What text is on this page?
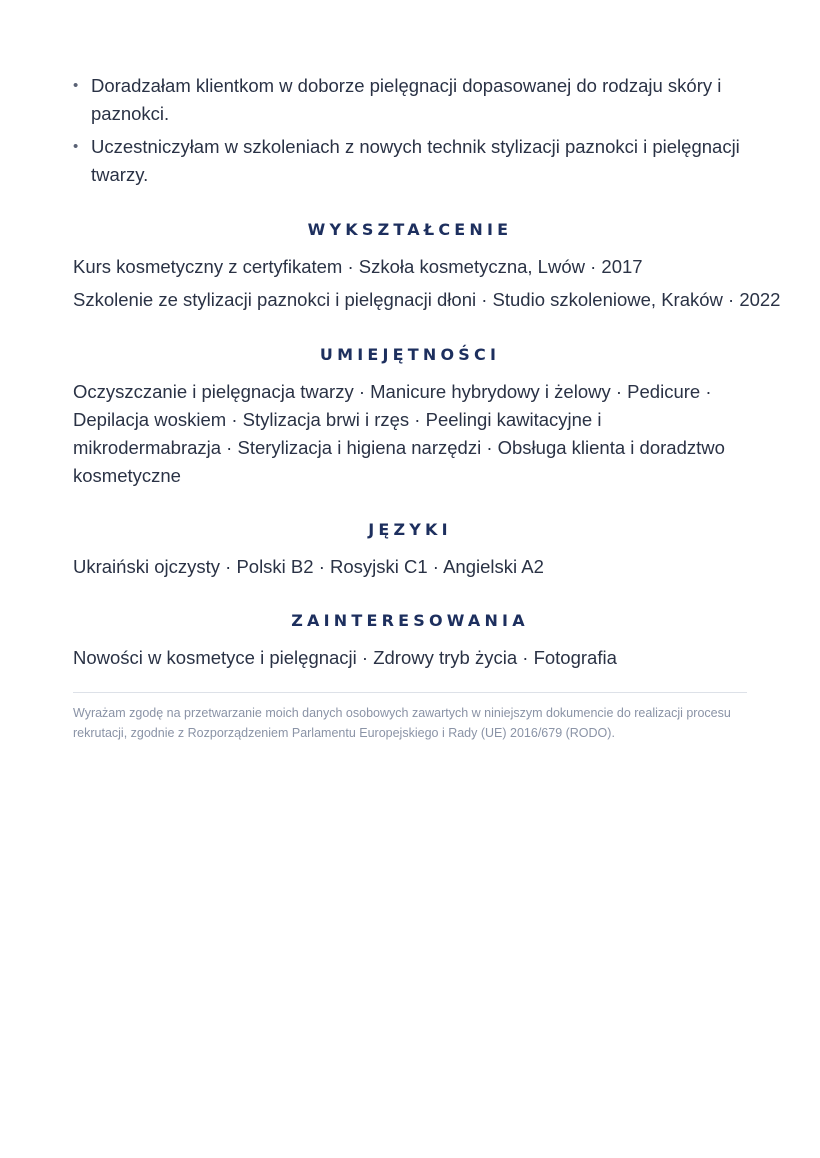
• Doradzałam klientkom w doborze pielęgnacji dopasowanej do rodzaju skóry i paznokci.
• Uczestniczyłam w szkoleniach z nowych technik stylizacji paznokci i pielęgnacji twarzy.
WYKSZTAŁCENIE

Kurs kosmetyczny z certyfikatem · Szkoła kosmetyczna, Lwów · 2017

Szkolenie ze stylizacji paznokci i pielęgnacji dłoni · Studio szkoleniowe, Kraków · 2022

UMIEJĘTNOŚCI

Oczyszczanie i pielęgnacja twarzy · Manicure hybrydowy i żelowy · Pedicure · Depilacja woskiem · Stylizacja brwi i rzęs · Peelingi kawitacyjne i mikrodermabrazja · Sterylizacja i higiena narzędzi · Obsługa klienta i doradztwo kosmetyczne

JĘZYKI

Ukraiński ojczysty · Polski B2 · Rosyjski C1 · Angielski A2

ZAINTERESOWANIA

Nowości w kosmetyce i pielęgnacji · Zdrowy tryb życia · Fotografia

Wyrażam zgodę na przetwarzanie moich danych osobowych zawartych w niniejszym dokumencie do realizacji procesu rekrutacji, zgodnie z Rozporządzeniem Parlamentu Europejskiego i Rady (UE) 2016/679 (RODO).
